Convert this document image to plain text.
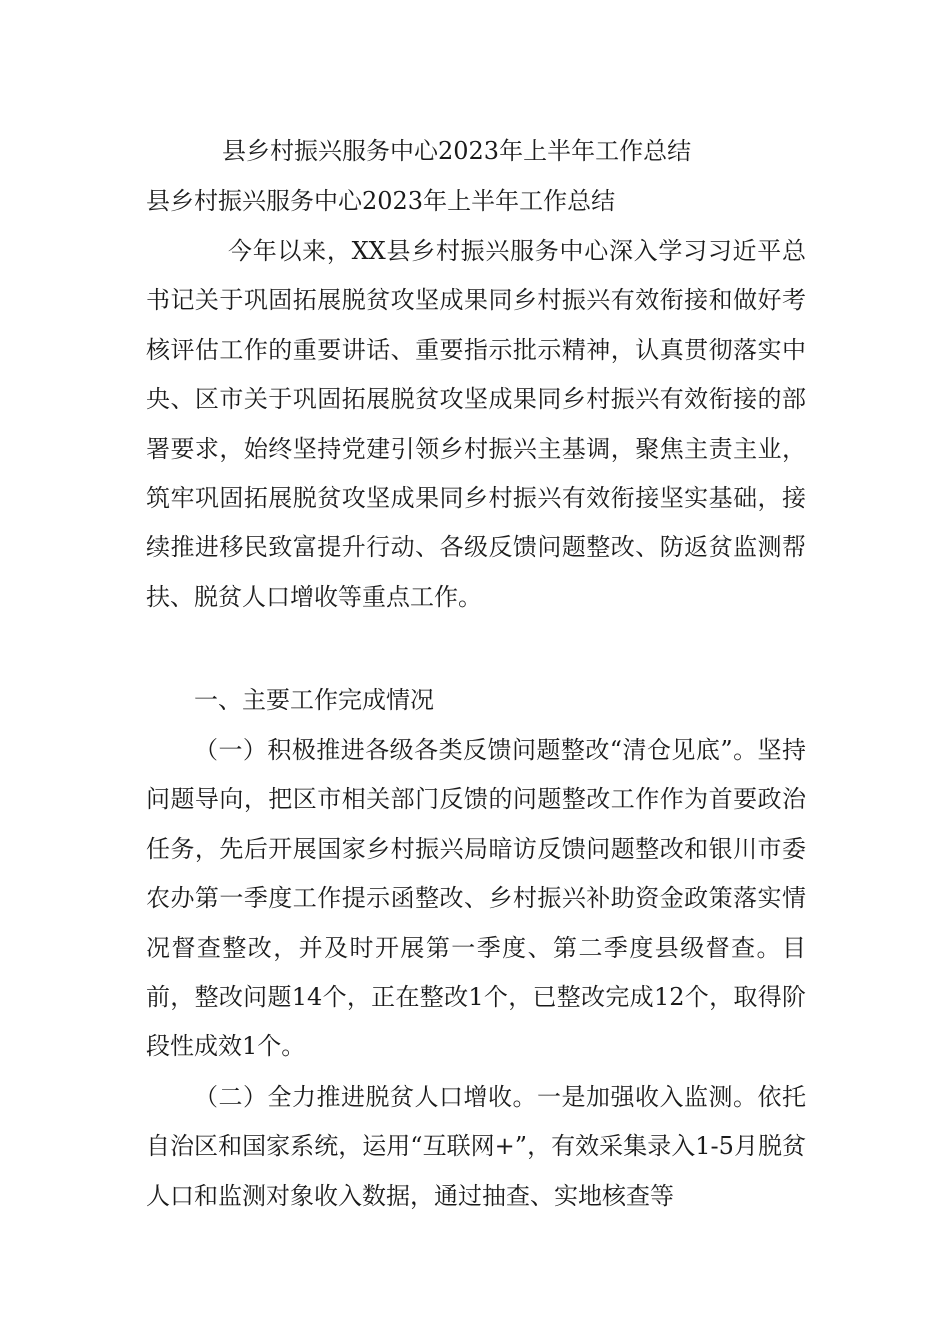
县乡村振兴服务中心2023年上半年工作总结
县乡村振兴服务中心2023年上半年工作总结
今年以来，XX县乡村振兴服务中心深入学习习近平总书记关于巩固拓展脱贫攻坚成果同乡村振兴有效衔接和做好考核评估工作的重要讲话、重要指示批示精神，认真贯彻落实中央、区市关于巩固拓展脱贫攻坚成果同乡村振兴有效衔接的部署要求，始终坚持党建引领乡村振兴主基调，聚焦主责主业，筑牢巩固拓展脱贫攻坚成果同乡村振兴有效衔接坚实基础，接续推进移民致富提升行动、各级反馈问题整改、防返贫监测帮扶、脱贫人口增收等重点工作。
一、主要工作完成情况
（一）积极推进各级各类反馈问题整改“清仓见底”。坚持问题导向，把区市相关部门反馈的问题整改工作作为首要政治任务，先后开展国家乡村振兴局暗访反馈问题整改和银川市委农办第一季度工作提示函整改、乡村振兴补助资金政策落实情况督查整改，并及时开展第一季度、第二季度县级督查。目前，整改问题14个，正在整改1个，已整改完成12个，取得阶段性成效1个。
（二）全力推进脱贫人口增收。一是加强收入监测。依托自治区和国家系统，运用“互联网+”，有效采集录入1-5月脱贫人口和监测对象收入数据，通过抽查、实地核查等
